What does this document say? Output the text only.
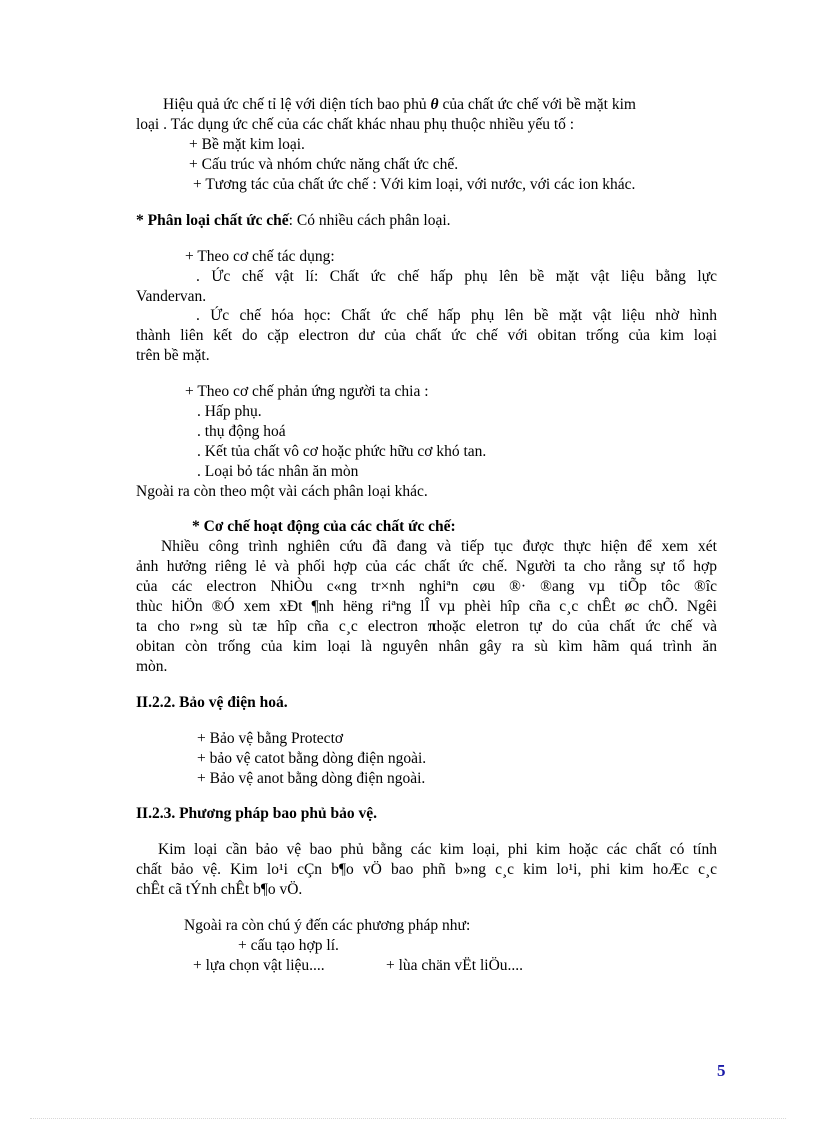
Hiệu quả ức chế tỉ lệ với diện tích bao phủ θ của chất ức chế với bề mặt kim
loại . Tác dụng ức chế của các chất khác nhau phụ thuộc nhiều yếu tố :
+ Bề mặt kim loại.
+ Cấu trúc và nhóm chức năng chất ức chế.
+ Tương tác của chất ức chế : Với kim loại, với nước, với các ion khác.
* Phân loại chất ức chế: Có nhiều cách phân loại.
+ Theo cơ chế tác dụng:
. Ức chế vật lí: Chất ức chế hấp phụ lên bề mặt vật liệu bằng lực
Vandervan.
. Ức chế hóa học: Chất ức chế hấp phụ lên bề mặt vật liệu nhờ hình
thành liên kết do cặp electron dư của chất ức chế với obitan trống của kim loại
trên bề mặt.
+ Theo cơ chế phản ứng người ta chia :
. Hấp phụ.
. thụ động hoá
. Kết tủa chất vô cơ hoặc phức hữu cơ khó tan.
. Loại bỏ tác nhân ăn mòn
Ngoài ra còn theo một vài cách phân loại khác.
* Cơ chế hoạt động của các chất ức chế:
Nhiều công trình nghiên cứu đã đang và tiếp tục được thực hiện để xem xét
ảnh hưởng riêng lẻ và phối hợp của các chất ức chế. Người ta cho rằng sự tổ hợp
của các electron NhiÒu c«ng tr×nh nghiªn cøu ®· ®ang vµ tiÕp tôc ®îc
thùc hiÖn ®Ó xem xÐt ¶nh hëng riªng lÎ vµ phèi hîp cña c¸c chÊt øc chÕ. Ngêi
ta cho r»ng sù tæ hîp cña c¸c electron πhoặc eletron tự do của chất ức chế và
obitan còn trống của kim loại là nguyên nhân gây ra sù kìm hãm quá trình ăn
mòn.
II.2.2. Bảo vệ điện hoá.
+ Bảo vệ bằng Protectơ
+ bảo vệ catot bằng dòng điện ngoài.
+ Bảo vệ anot bằng dòng điện ngoài.
II.2.3. Phương pháp bao phủ bảo vệ.
Kim loại cần bảo vệ bao phủ bằng các kim loại, phi kim hoặc các chất có tính
chất bảo vệ. Kim lo¹i cÇn b¶o vÖ bao phñ b»ng c¸c kim lo¹i, phi kim hoÆc c¸c
chÊt cã tÝnh chÊt b¶o vÖ.
Ngoài ra còn chú ý đến các phương pháp như:
+ cấu tạo hợp lí.
+ lựa chọn vật liệu....	+ lùa chän vËt liÖu....
5
